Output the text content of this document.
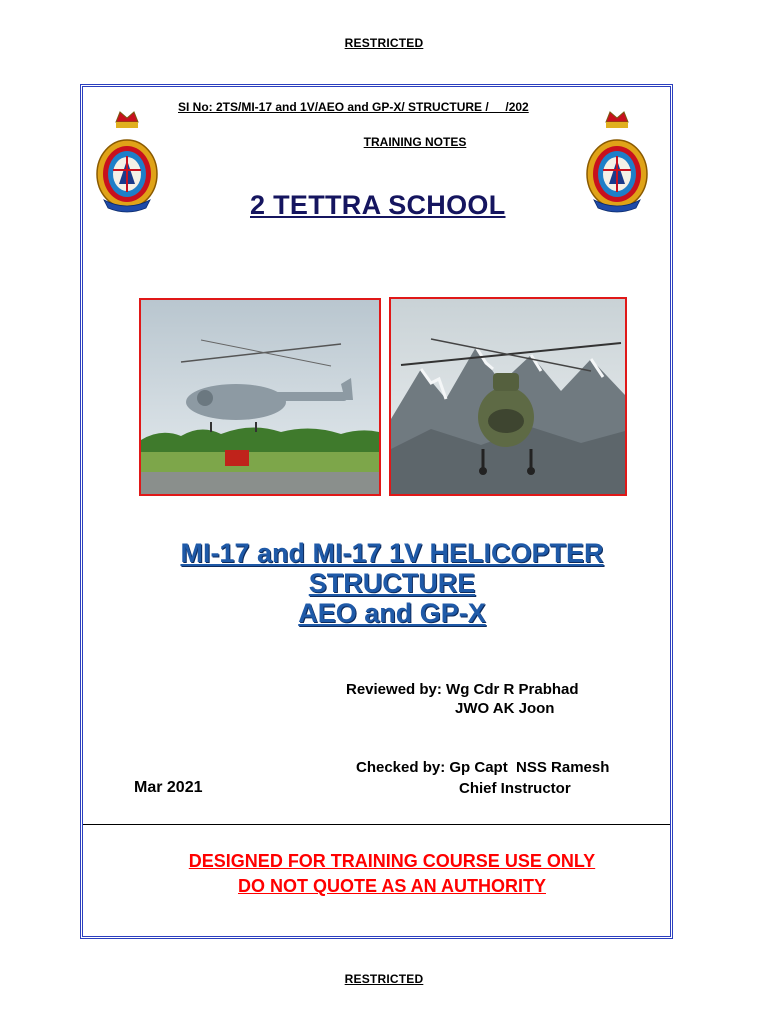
RESTRICTED
SI No: 2TS/MI-17 and 1V/AEO and GP-X/ STRUCTURE /     /202
TRAINING NOTES
2 TETTRA SCHOOL
MI-17 and MI-17 1V HELICOPTER
STRUCTURE
AEO and GP-X
Reviewed by: Wg Cdr R Prabhad
JWO AK Joon
Checked by: Gp Capt  NSS Ramesh
Chief Instructor
Mar 2021
DESIGNED FOR TRAINING COURSE USE ONLY
DO NOT QUOTE AS AN AUTHORITY
RESTRICTED
